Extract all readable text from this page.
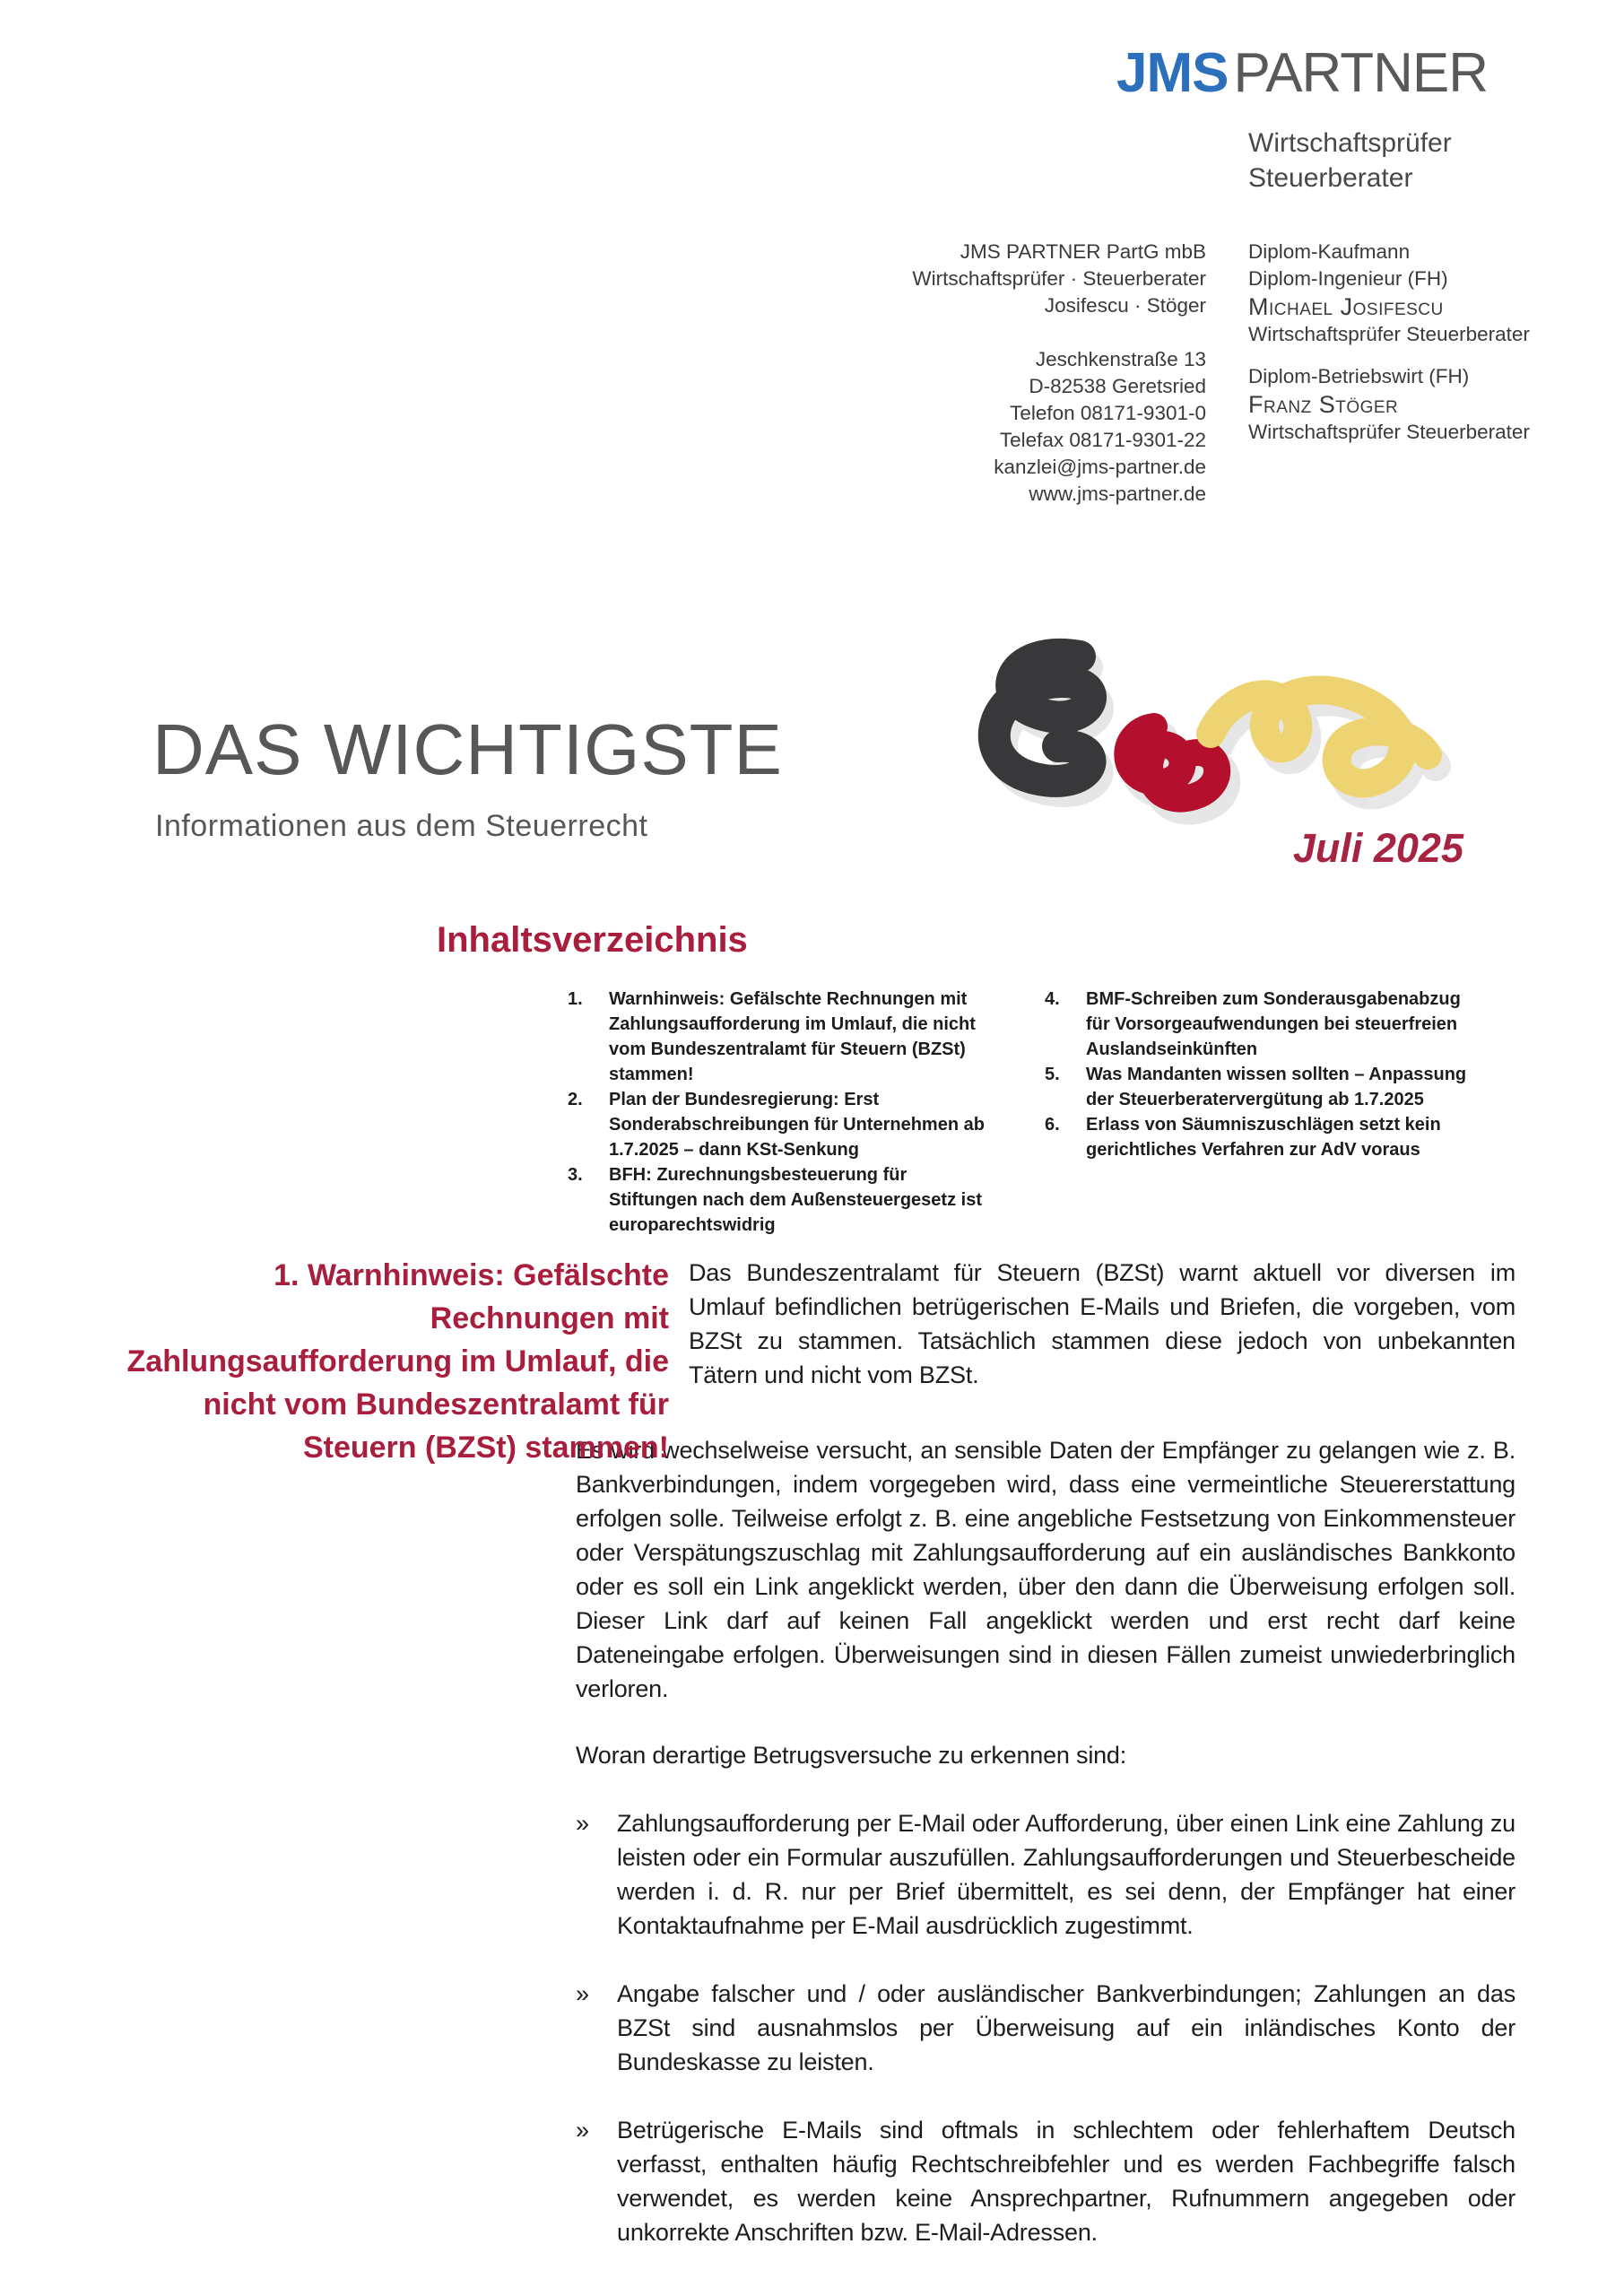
JMSPARTNER
Wirtschaftsprüfer
Steuerberater
JMS PARTNER PartG mbB
Wirtschaftsprüfer · Steuerberater
Josifescu · Stöger

Jeschkenstraße 13
D-82538 Geretsried
Telefon 08171-9301-0
Telefax 08171-9301-22
kanzlei@jms-partner.de
www.jms-partner.de
Diplom-Kaufmann
Diplom-Ingenieur (FH)
Michael Josifescu
Wirtschaftsprüfer Steuerberater
Diplom-Betriebswirt (FH)
Franz Stöger
Wirtschaftsprüfer Steuerberater
DAS WICHTIGSTE
Informationen aus dem Steuerrecht	Juli 2025
Inhaltsverzeichnis
1.	Warnhinweis: Gefälschte Rechnungen mit Zahlungsaufforderung im Umlauf, die nicht vom Bundeszentralamt für Steuern (BZSt) stammen!
2.	Plan der Bundesregierung: Erst Sonderabschreibungen für Unternehmen ab 1.7.2025 – dann KSt-Senkung
3.	BFH: Zurechnungsbesteuerung für Stiftungen nach dem Außensteuergesetz ist europarechtswidrig
4.	BMF-Schreiben zum Sonderausgabenabzug für Vorsorgeaufwendungen bei steuerfreien Auslandseinkünften
5.	Was Mandanten wissen sollten – Anpassung der Steuerberatervergütung ab 1.7.2025
6.	Erlass von Säumniszuschlägen setzt kein gerichtliches Verfahren zur AdV voraus
1. Warnhinweis: Gefälschte Rechnungen mit Zahlungsaufforderung im Umlauf, die nicht vom Bundeszentralamt für Steuern (BZSt) stammen!

Das Bundeszentralamt für Steuern (BZSt) warnt aktuell vor diversen im Umlauf befindlichen betrügerischen E-Mails und Briefen, die vorgeben, vom BZSt zu stammen. Tatsächlich stammen diese jedoch von unbekannten Tätern und nicht vom BZSt.

Es wird wechselweise versucht, an sensible Daten der Empfänger zu gelangen wie z. B. Bankverbindungen, indem vorgegeben wird, dass eine vermeintliche Steuererstattung erfolgen solle. Teilweise erfolgt z. B. eine angebliche Festsetzung von Einkommensteuer oder Verspätungszuschlag mit Zahlungsaufforderung auf ein ausländisches Bankkonto oder es soll ein Link angeklickt werden, über den dann die Überweisung erfolgen soll. Dieser Link darf auf keinen Fall angeklickt werden und erst recht darf keine Dateneingabe erfolgen. Überweisungen sind in diesen Fällen zumeist unwiederbringlich verloren.

Woran derartige Betrugsversuche zu erkennen sind:

»	Zahlungsaufforderung per E-Mail oder Aufforderung, über einen Link eine Zahlung zu leisten oder ein Formular auszufüllen. Zahlungsaufforderungen und Steuerbescheide werden i. d. R. nur per Brief übermittelt, es sei denn, der Empfänger hat einer Kontaktaufnahme per E-Mail ausdrücklich zugestimmt.
»	Angabe falscher und / oder ausländischer Bankverbindungen; Zahlungen an das BZSt sind ausnahmslos per Überweisung auf ein inländisches Konto der Bundeskasse zu leisten.
»	Betrügerische E-Mails sind oftmals in schlechtem oder fehlerhaftem Deutsch verfasst, enthalten häufig Rechtschreibfehler und es werden Fachbegriffe falsch verwendet, es werden keine Ansprechpartner, Rufnummern angegeben oder unkorrekte Anschriften bzw. E-Mail-Adressen.
